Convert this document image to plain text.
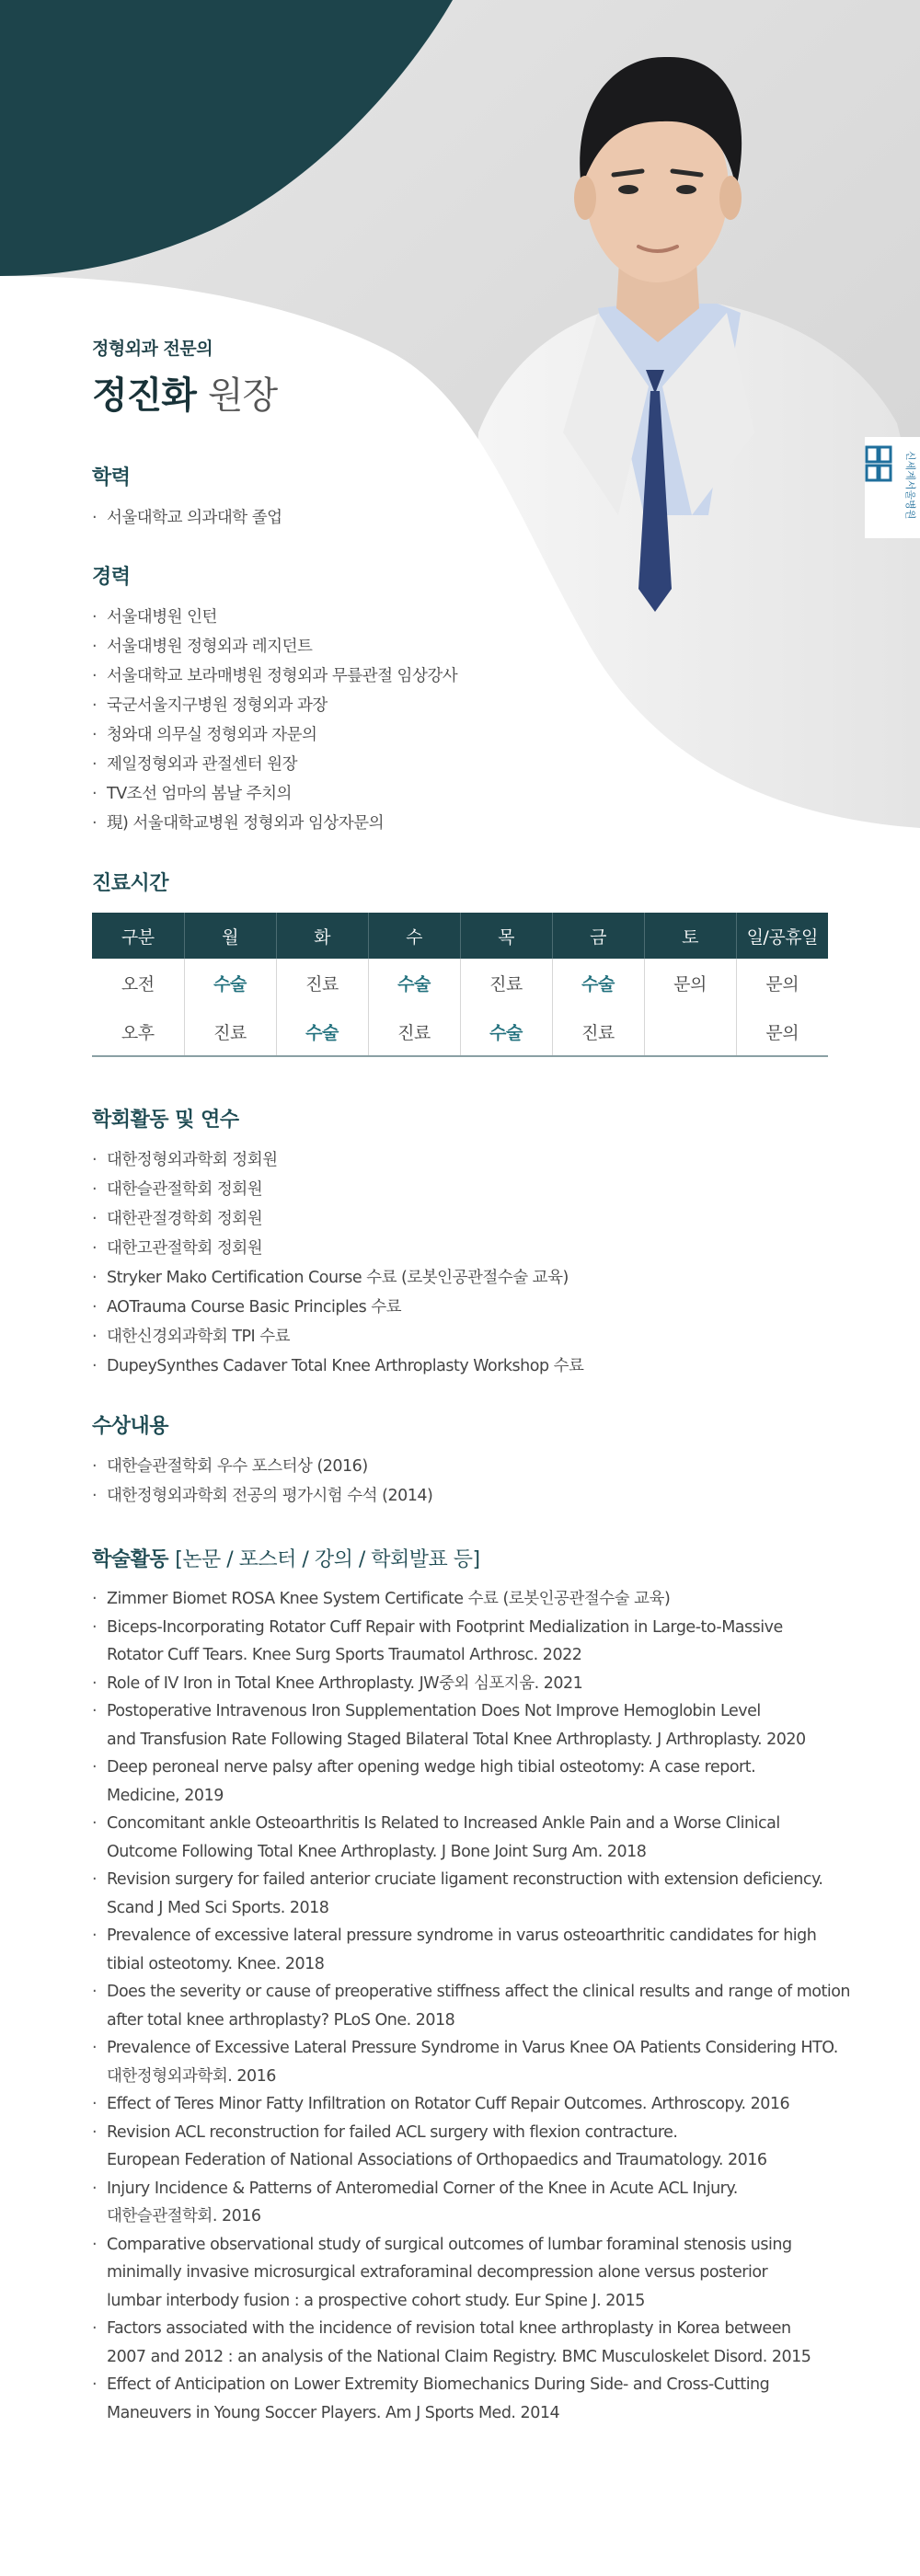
신세계서울병원
정형외과 전문의
정진화 원장
학력
· 서울대학교 의과대학 졸업
경력
· 서울대병원 인턴
· 서울대병원 정형외과 레지던트
· 서울대학교 보라매병원 정형외과 무릎관절 임상강사
· 국군서울지구병원 정형외과 과장
· 청와대 의무실 정형외과 자문의
· 제일정형외과 관절센터 원장
· TV조선 엄마의 봄날 주치의
· 現) 서울대학교병원 정형외과 임상자문의
진료시간
구분	월	화	수	목	금	토	일/공휴일
오전	수술	진료	수술	진료	수술	문의	문의
오후	진료	수술	진료	수술	진료		문의
학회활동 및 연수
· 대한정형외과학회 정회원
· 대한슬관절학회 정회원
· 대한관절경학회 정회원
· 대한고관절학회 정회원
· Stryker Mako Certification Course 수료 (로봇인공관절수술 교육)
· AOTrauma Course Basic Principles 수료
· 대한신경외과학회 TPI 수료
· DupeySynthes Cadaver Total Knee Arthroplasty Workshop 수료
수상내용
· 대한슬관절학회 우수 포스터상 (2016)
· 대한정형외과학회 전공의 평가시험 수석 (2014)
학술활동 [논문 / 포스터 / 강의 / 학회발표 등]
· Zimmer Biomet ROSA Knee System Certificate 수료 (로봇인공관절수술 교육)
· Biceps-Incorporating Rotator Cuff Repair with Footprint Medialization in Large-to-Massive
Rotator Cuff Tears. Knee Surg Sports Traumatol Arthrosc. 2022
· Role of IV Iron in Total Knee Arthroplasty. JW중외 심포지움. 2021
· Postoperative Intravenous Iron Supplementation Does Not Improve Hemoglobin Level
and Transfusion Rate Following Staged Bilateral Total Knee Arthroplasty. J Arthroplasty. 2020
· Deep peroneal nerve palsy after opening wedge high tibial osteotomy: A case report.
Medicine, 2019
· Concomitant ankle Osteoarthritis Is Related to Increased Ankle Pain and a Worse Clinical
Outcome Following Total Knee Arthroplasty. J Bone Joint Surg Am. 2018
· Revision surgery for failed anterior cruciate ligament reconstruction with extension deficiency.
Scand J Med Sci Sports. 2018
· Prevalence of excessive lateral pressure syndrome in varus osteoarthritic candidates for high
tibial osteotomy. Knee. 2018
· Does the severity or cause of preoperative stiffness affect the clinical results and range of motion
after total knee arthroplasty? PLoS One. 2018
· Prevalence of Excessive Lateral Pressure Syndrome in Varus Knee OA Patients Considering HTO.
대한정형외과학회. 2016
· Effect of Teres Minor Fatty Infiltration on Rotator Cuff Repair Outcomes. Arthroscopy. 2016
· Revision ACL reconstruction for failed ACL surgery with flexion contracture.
European Federation of National Associations of Orthopaedics and Traumatology. 2016
· Injury Incidence & Patterns of Anteromedial Corner of the Knee in Acute ACL Injury.
대한슬관절학회. 2016
· Comparative observational study of surgical outcomes of lumbar foraminal stenosis using
minimally invasive microsurgical extraforaminal decompression alone versus posterior
lumbar interbody fusion : a prospective cohort study. Eur Spine J. 2015
· Factors associated with the incidence of revision total knee arthroplasty in Korea between
2007 and 2012 : an analysis of the National Claim Registry. BMC Musculoskelet Disord. 2015
· Effect of Anticipation on Lower Extremity Biomechanics During Side- and Cross-Cutting
Maneuvers in Young Soccer Players. Am J Sports Med. 2014
